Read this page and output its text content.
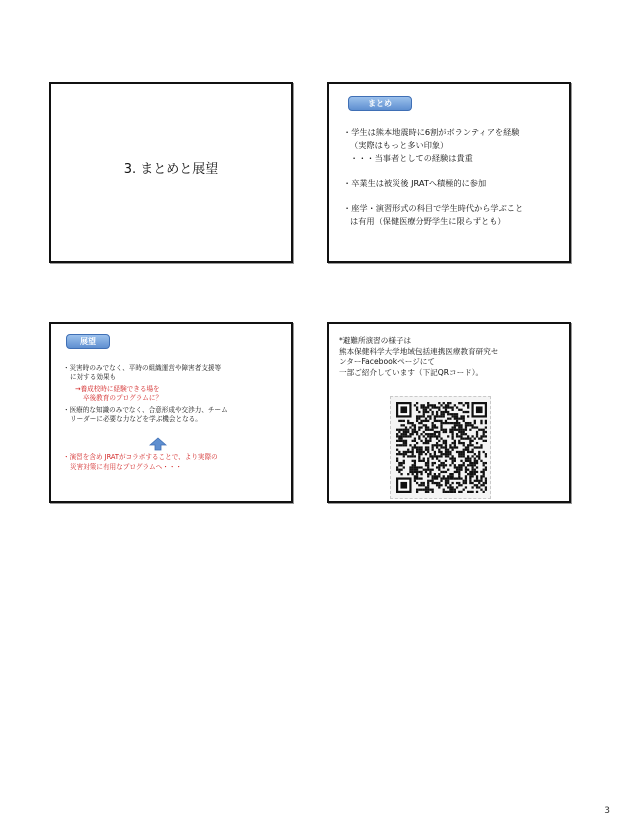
3. まとめと展望
まとめ
・学生は熊本地震時に6割がボランティアを経験
（実際はもっと多い印象）
・・・当事者としての経験は貴重
・卒業生は被災後 JRATへ積極的に参加
・座学・演習形式の科目で学生時代から学ぶこと
は有用（保健医療分野学生に限らずとも）
展望
・災害時のみでなく、平時の組織運営や障害者支援等
に対する効果も
→養成校時に経験できる場を
卒後教育のプログラムに？
・医療的な知識のみでなく、合意形成や交渉力、チーム
リーダーに必要な力などを学ぶ機会となる。
・演習を含め JRATがコラボすることで、より実際の
災害対策に有用なプログラムへ・・・
*避難所演習の様子は
熊本保健科学大学地域包括連携医療教育研究セ
ンターFacebookページにて
一部ご紹介しています（下記QRコード）。
3
